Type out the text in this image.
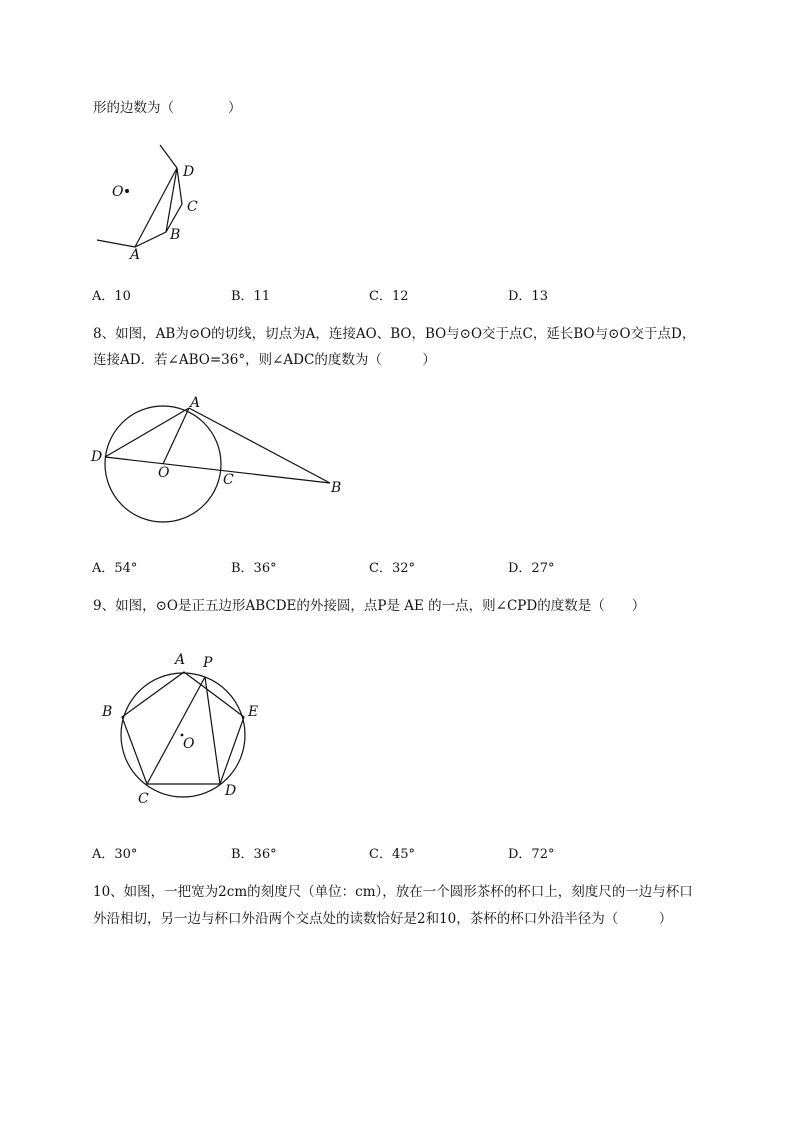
形的边数为（　　　　）
O
D
C
B
A
A．10	B．11	C．12	D．13
8、如图，AB为⊙O的切线，切点为A，连接AO、BO，BO与⊙O交于点C，延长BO与⊙O交于点D，
连接AD．若∠ABO=36°，则∠ADC的度数为（　　　）
A
D
O	C	B
A．54°	B．36°	C．32°	D．27°
9、如图，⊙O是正五边形ABCDE的外接圆，点P是 AE 的一点，则∠CPD的度数是（　　）
A P
B	E
O
C	D
A．30°	B．36°	C．45°	D．72°
10、如图，一把宽为2cm的刻度尺（单位：cm），放在一个圆形茶杯的杯口上，刻度尺的一边与杯口
外沿相切，另一边与杯口外沿两个交点处的读数恰好是2和10，茶杯的杯口外沿半径为（　　　）
